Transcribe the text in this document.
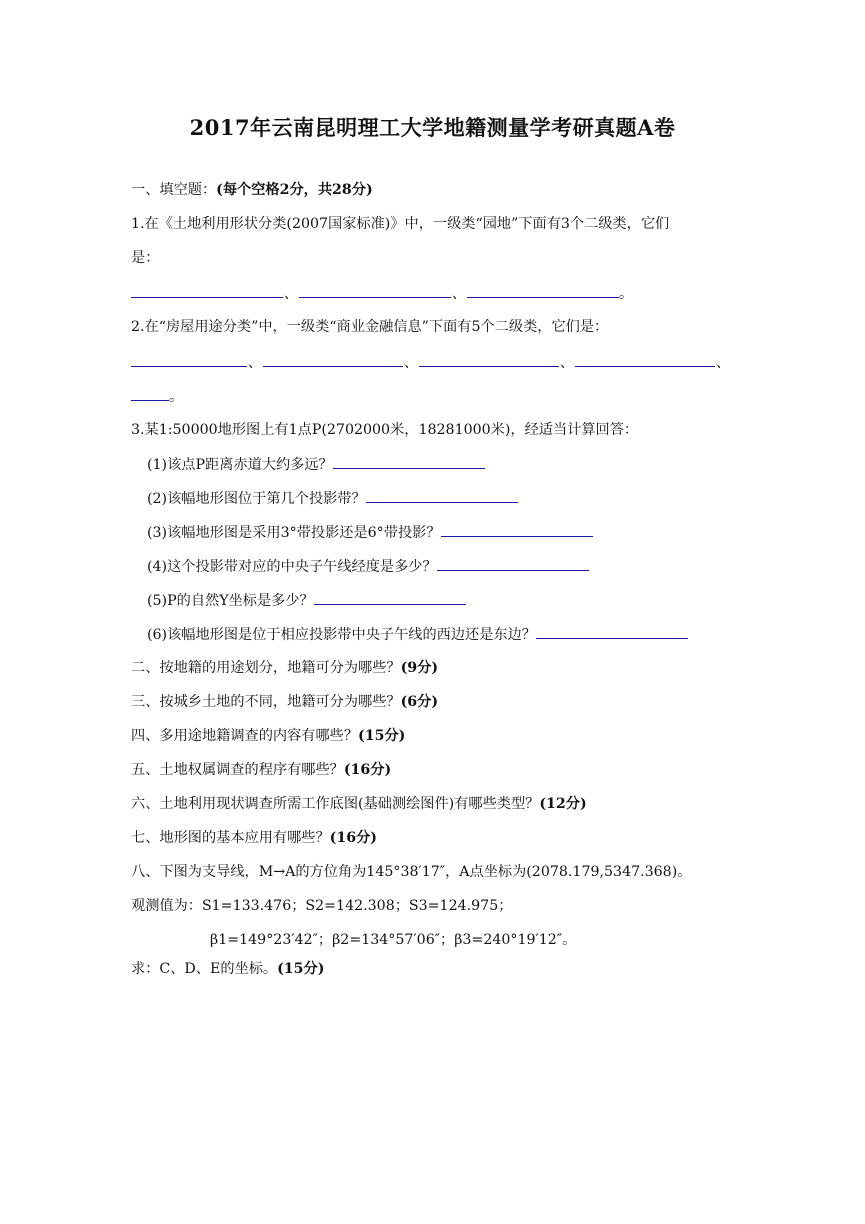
2017年云南昆明理工大学地籍测量学考研真题A卷
一、填空题：(每个空格2分，共28分)
1.在《土地利用形状分类(2007国家标准)》中，一级类“园地”下面有3个二级类，它们
是：
、	、	。
2.在“房屋用途分类”中，一级类“商业金融信息”下面有5个二级类，它们是：
、	、	、	、
。
3.某1:50000地形图上有1点P(2702000米，18281000米)，经适当计算回答：
(1)该点P距离赤道大约多远？
(2)该幅地形图位于第几个投影带？
(3)该幅地形图是采用3°带投影还是6°带投影？
(4)这个投影带对应的中央子午线经度是多少？
(5)P的自然Y坐标是多少？
(6)该幅地形图是位于相应投影带中央子午线的西边还是东边？
二、按地籍的用途划分，地籍可分为哪些？(9分)
三、按城乡土地的不同，地籍可分为哪些？(6分)
四、多用途地籍调查的内容有哪些？(15分)
五、土地权属调查的程序有哪些？(16分)
六、土地利用现状调查所需工作底图(基础测绘图件)有哪些类型？(12分)
七、地形图的基本应用有哪些？(16分)
八、下图为支导线，M→A的方位角为145°38′17″，A点坐标为(2078.179,5347.368)。
观测值为：S1=133.476；S2=142.308；S3=124.975；
β1=149°23′42″；β2=134°57′06″；β3=240°19′12″。
求：C、D、E的坐标。(15分)
